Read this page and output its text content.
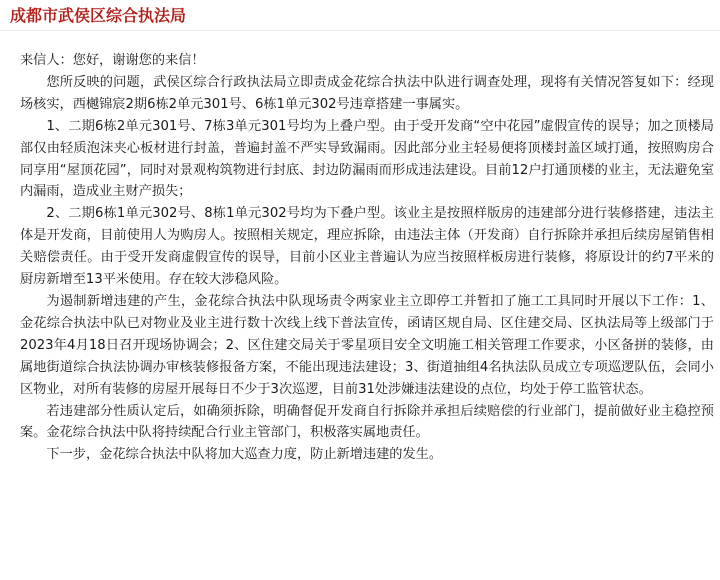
成都市武侯区综合执法局

来信人：您好，谢谢您的来信！

您所反映的问题，武侯区综合行政执法局立即责成金花综合执法中队进行调查处理，现将有关情况答复如下：经现场核实，西樾锦宸2期6栋2单元301号、6栋1单元302号违章搭建一事属实。

1、二期6栋2单元301号、7栋3单元301号均为上叠户型。由于受开发商“空中花园”虚假宣传的误导；加之顶楼局部仅由轻质泡沫夹心板材进行封盖，普遍封盖不严实导致漏雨。因此部分业主轻易便将顶楼封盖区域打通，按照购房合同享用“屋顶花园”，同时对景观构筑物进行封底、封边防漏雨而形成违法建设。目前12户打通顶楼的业主，无法避免室内漏雨，造成业主财产损失；

2、二期6栋1单元302号、8栋1单元302号均为下叠户型。该业主是按照样版房的违建部分进行装修搭建，违法主体是开发商，目前使用人为购房人。按照相关规定，理应拆除，由违法主体（开发商）自行拆除并承担后续房屋销售相关赔偿责任。由于受开发商虚假宣传的误导，目前小区业主普遍认为应当按照样板房进行装修，将原设计的约7平米的厨房新增至13平米使用。存在较大涉稳风险。

为遏制新增违建的产生，金花综合执法中队现场责令两家业主立即停工并暂扣了施工工具同时开展以下工作：1、金花综合执法中队已对物业及业主进行数十次线上线下普法宣传，函请区规自局、区住建交局、区执法局等上级部门于2023年4月18日召开现场协调会；2、区住建交局关于零星项目安全文明施工相关管理工作要求，小区备拼的装修，由属地街道综合执法协调办审核装修报备方案，不能出现违法建设；3、街道抽组4名执法队员成立专项巡逻队伍，会同小区物业，对所有装修的房屋开展每日不少于3次巡逻，目前31处涉嫌违法建设的点位，均处于停工监管状态。

若违建部分性质认定后，如确须拆除，明确督促开发商自行拆除并承担后续赔偿的行业部门，提前做好业主稳控预案。金花综合执法中队将持续配合行业主管部门，积极落实属地责任。

下一步，金花综合执法中队将加大巡查力度，防止新增违建的发生。
